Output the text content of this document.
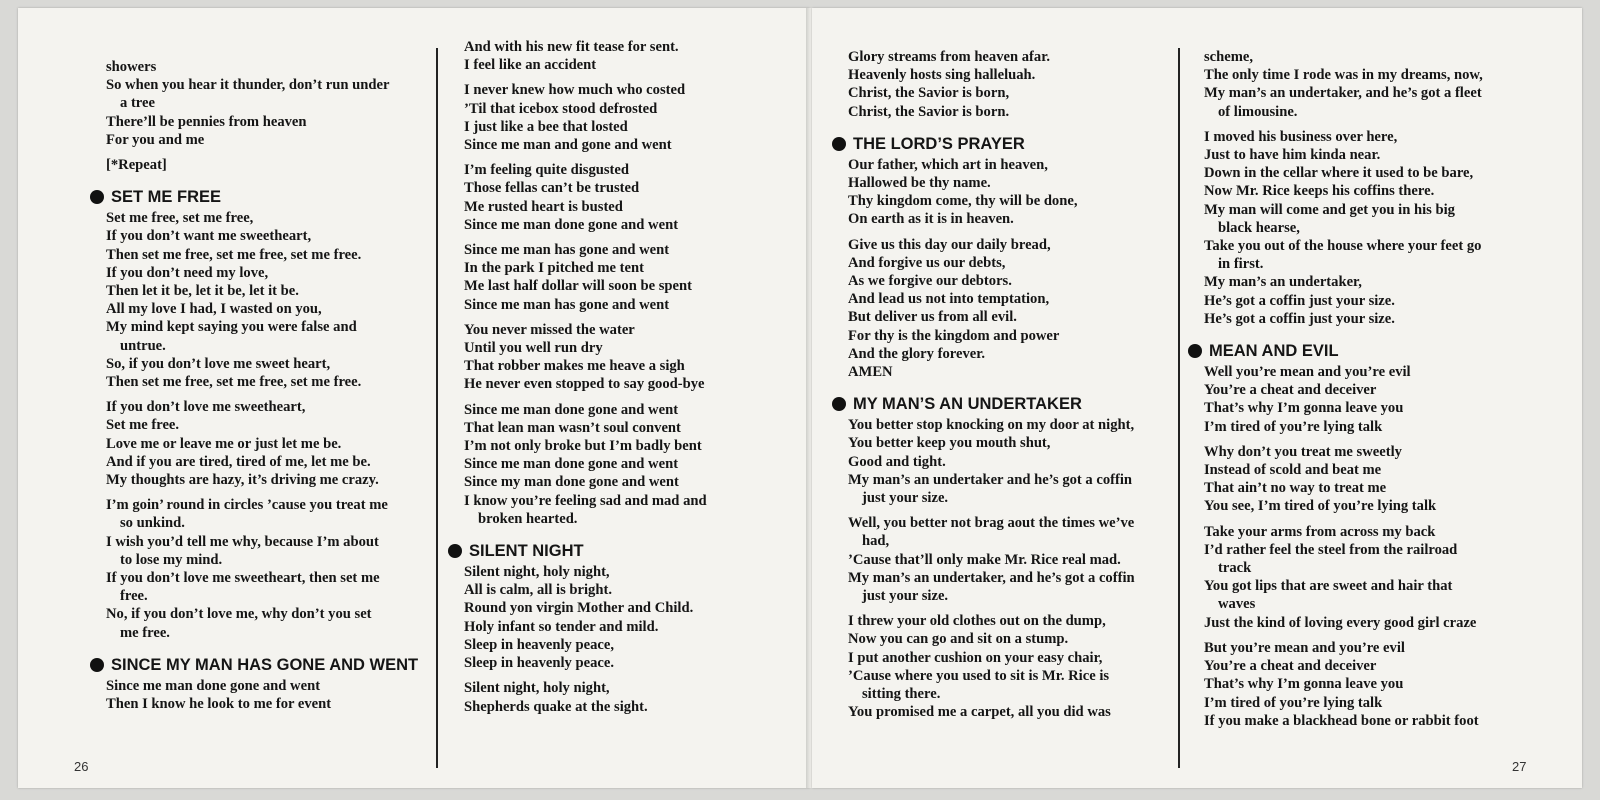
showers
So when you hear it thunder, don’t run under
a tree
There’ll be pennies from heaven
For you and me

[*Repeat]

SET ME FREE

Set me free, set me free,
If you don’t want me sweetheart,
Then set me free, set me free, set me free.
If you don’t need my love,
Then let it be, let it be, let it be.
All my love I had, I wasted on you,
My mind kept saying you were false and
untrue.
So, if you don’t love me sweet heart,
Then set me free, set me free, set me free.

If you don’t love me sweetheart,
Set me free.
Love me or leave me or just let me be.
And if you are tired, tired of me, let me be.
My thoughts are hazy, it’s driving me crazy.

I’m goin’ round in circles ’cause you treat me
so unkind.
I wish you’d tell me why, because I’m about
to lose my mind.
If you don’t love me sweetheart, then set me
free.
No, if you don’t love me, why don’t you set
me free.

SINCE MY MAN HAS GONE AND WENT

Since me man done gone and went
Then I know he look to me for event

And with his new fit tease for sent.
I feel like an accident

I never knew how much who costed
’Til that icebox stood defrosted
I just like a bee that losted
Since me man and gone and went

I’m feeling quite disgusted
Those fellas can’t be trusted
Me rusted heart is busted
Since me man done gone and went

Since me man has gone and went
In the park I pitched me tent
Me last half dollar will soon be spent
Since me man has gone and went

You never missed the water
Until you well run dry
That robber makes me heave a sigh
He never even stopped to say good-bye

Since me man done gone and went
That lean man wasn’t soul convent
I’m not only broke but I’m badly bent
Since me man done gone and went
Since my man done gone and went
I know you’re feeling sad and mad and
broken hearted.

SILENT NIGHT

Silent night, holy night,
All is calm, all is bright.
Round yon virgin Mother and Child.
Holy infant so tender and mild.
Sleep in heavenly peace,
Sleep in heavenly peace.

Silent night, holy night,
Shepherds quake at the sight.

26

Glory streams from heaven afar.
Heavenly hosts sing halleluah.
Christ, the Savior is born,
Christ, the Savior is born.

THE LORD’S PRAYER

Our father, which art in heaven,
Hallowed be thy name.
Thy kingdom come, thy will be done,
On earth as it is in heaven.

Give us this day our daily bread,
And forgive us our debts,
As we forgive our debtors.
And lead us not into temptation,
But deliver us from all evil.
For thy is the kingdom and power
And the glory forever.
AMEN

MY MAN’S AN UNDERTAKER

You better stop knocking on my door at night,
You better keep you mouth shut,
Good and tight.
My man’s an undertaker and he’s got a coffin
just your size.

Well, you better not brag aout the times we’ve
had,
’Cause that’ll only make Mr. Rice real mad.
My man’s an undertaker, and he’s got a coffin
just your size.

I threw your old clothes out on the dump,
Now you can go and sit on a stump.
I put another cushion on your easy chair,
’Cause where you used to sit is Mr. Rice is
sitting there.
You promised me a carpet, all you did was

scheme,
The only time I rode was in my dreams, now,
My man’s an undertaker, and he’s got a fleet
of limousine.

I moved his business over here,
Just to have him kinda near.
Down in the cellar where it used to be bare,
Now Mr. Rice keeps his coffins there.
My man will come and get you in his big
black hearse,
Take you out of the house where your feet go
in first.
My man’s an undertaker,
He’s got a coffin just your size.
He’s got a coffin just your size.

MEAN AND EVIL

Well you’re mean and you’re evil
You’re a cheat and deceiver
That’s why I’m gonna leave you
I’m tired of you’re lying talk

Why don’t you treat me sweetly
Instead of scold and beat me
That ain’t no way to treat me
You see, I’m tired of you’re lying talk

Take your arms from across my back
I’d rather feel the steel from the railroad
track
You got lips that are sweet and hair that
waves
Just the kind of loving every good girl craze

But you’re mean and you’re evil
You’re a cheat and deceiver
That’s why I’m gonna leave you
I’m tired of you’re lying talk
If you make a blackhead bone or rabbit foot

27
